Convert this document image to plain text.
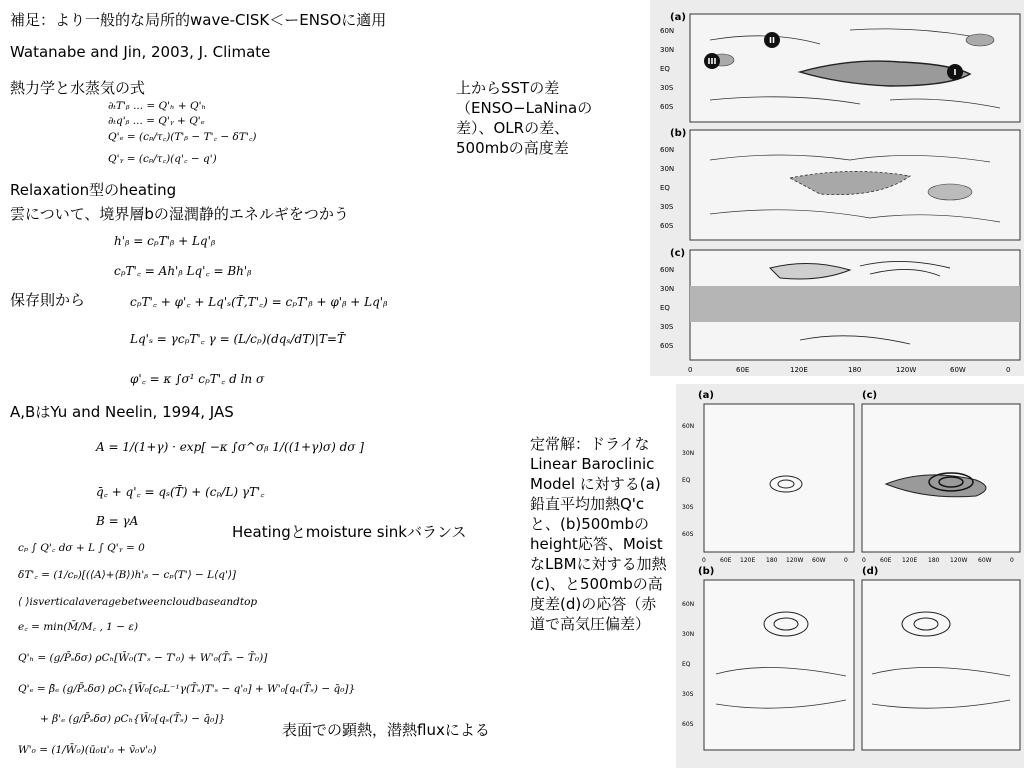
補足：より一般的な局所的wave-CISK＜ーENSOに適用
Watanabe and Jin, 2003, J. Climate
熱力学と水蒸気の式
∂ₜT'ᵦ ... = Q'ₕ + Q'ₕ
∂ₜq'ᵦ ... = Q'ᵧ + Q'ₑ
Q'ₑ = (cₚ/τ꜀)(T'ᵦ − T'꜀ − δT'꜀)
Q'ᵧ = (cₚ/τ꜀)(q'꜀ − q')
Relaxation型のheating
雲について、境界層bの湿潤静的エネルギをつかう
h'ᵦ = cₚT'ᵦ + Lq'ᵦ
cₚT'꜀ = Ah'ᵦ Lq'꜀ = Bh'ᵦ
保存則から	cₚT'꜀ + φ'꜀ + Lq'ₛ(T̄,T'꜀) = cₚT'ᵦ + φ'ᵦ + Lq'ᵦ
Lq'ₛ = γcₚT'꜀ γ = (L/cₚ)(dqₛ/dT)|T=T̄
φ'꜀ = κ ∫σ¹ cₚT'꜀ d ln σ
A,BはYu and Neelin, 1994, JAS
A = 1/(1+γ) · exp[ −κ ∫σ^σᵦ 1/((1+γ)σ) dσ ]
q̄꜀ + q'꜀ = qₛ(T̄) + (cₚ/L) γT'꜀
B = γA
Heatingとmoisture sinkバランス
cₚ ∫ Q'꜀ dσ + L ∫ Q'ᵧ = 0
δT'꜀ = (1/cₚ)[(⟨A⟩+⟨B⟩)h'ᵦ − cₚ⟨T'⟩ − L⟨q'⟩]
⟨ ⟩isverticalaveragebetweencloudbaseandtop
e꜀ = min(M̄/M꜀ , 1 − ε)
Q'ₕ = (g/P̄ₛδσ) ρCₕ[W̄₀(T'ₛ − T'₀) + W'₀(T̄ₛ − T̄₀)]
Q'ₑ = β̄ₑ (g/P̄ₛδσ) ρCₕ{W̄₀[cₚL⁻¹γ(T̄ₛ)T'ₛ − q'₀] + W'₀[qₛ(T̄ₛ) − q̄₀]}
+ β'ₑ (g/P̄ₛδσ) ρCₕ{W̄₀[qₛ(T̄ₛ) − q̄₀]}
W'₀ = (1/W̄₀)(ū₀u'₀ + v̄₀v'₀)
表面での顕熱，潜熱fluxによる
上からSSTの差（ENSO−LaNinaの差）、OLRの差、500mbの高度差
定常解：ドライなLinear Baroclinic Model に対する(a)鉛直平均加熱Q'cと、(b)500mbのheight応答、MoistなLBMに対する加熱(c)、と500mbの高度差(d)の応答（赤道で高気圧偏差）
III
II
I
(a)
(b)
(c)
60N
30N
EQ
30S
60S
60N
30N
EQ
30S
60S
60N
30N
EQ
30S
60S
0	60E	120E	180	120W	60W	0
(a)	(c)
(b)	(d)
60N
30N
EQ
30S
60S
60N
30N
EQ
30S
60S
0 60E 120E 180 120W 60W	0 0 60E 120E 180 120W 60W	0
